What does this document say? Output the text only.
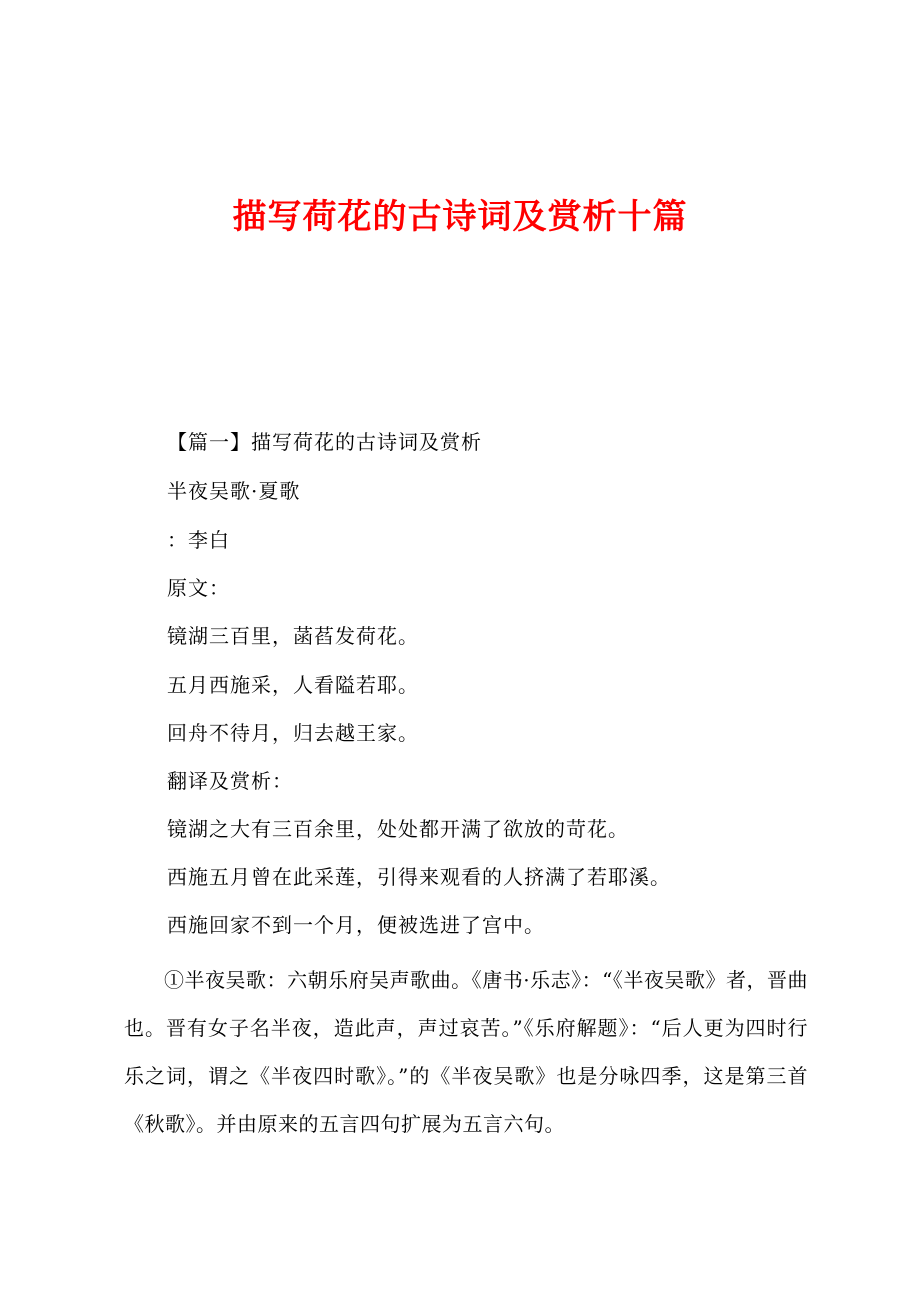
描写荷花的古诗词及赏析十篇
【篇一】描写荷花的古诗词及赏析
半夜吴歌·夏歌
：李白
原文：
镜湖三百里，菡萏发荷花。
五月西施采，人看隘若耶。
回舟不待月，归去越王家。
翻译及赏析：
镜湖之大有三百余里，处处都开满了欲放的苛花。
西施五月曾在此采莲，引得来观看的人挤满了若耶溪。
西施回家不到一个月，便被选进了宫中。
①半夜吴歌：六朝乐府吴声歌曲。《唐书·乐志》：“《半夜吴歌》者，晋曲也。晋有女子名半夜，造此声，声过哀苦。”《乐府解题》：“后人更为四时行乐之词，谓之《半夜四时歌》。”的《半夜吴歌》也是分咏四季，这是第三首《秋歌》。并由原来的五言四句扩展为五言六句。
